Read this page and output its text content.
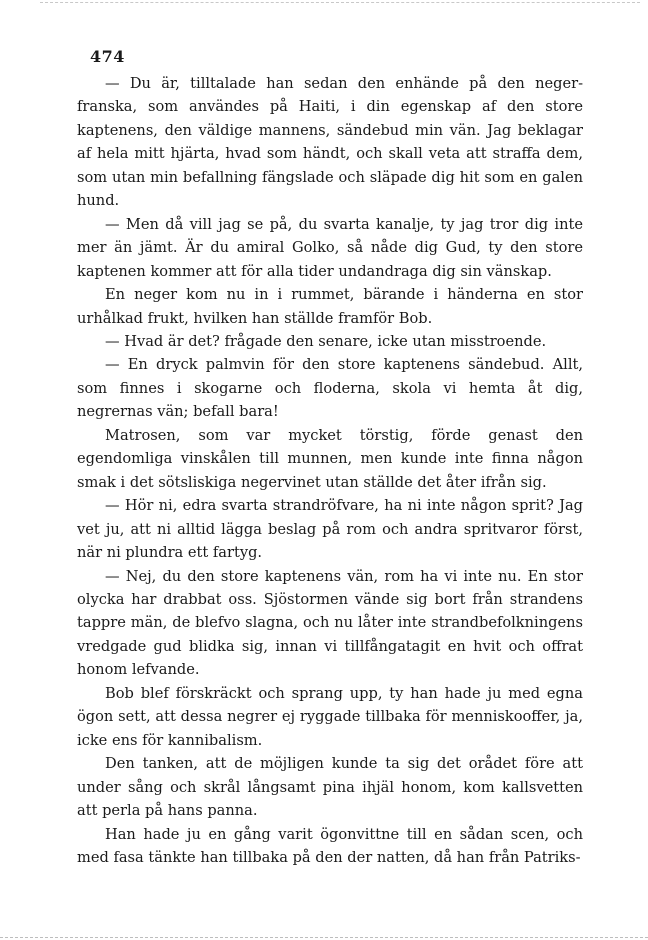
474

— Du är, tilltalade han sedan den enhände på den neger-franska, som användes på Haiti, i din egenskap af den store kaptenens, den väldige mannens, sändebud min vän. Jag beklagar af hela mitt hjärta, hvad som händt, och skall veta att straffa dem, som utan min befallning fängslade och släpade dig hit som en galen hund.

— Men då vill jag se på, du svarta kanalje, ty jag tror dig inte mer än jämt. Är du amiral Golko, så nåde dig Gud, ty den store kaptenen kommer att för alla tider undandraga dig sin vänskap.

En neger kom nu in i rummet, bärande i händerna en stor urhålkad frukt, hvilken han ställde framför Bob.

— Hvad är det? frågade den senare, icke utan misstroende.

— En dryck palmvin för den store kaptenens sändebud. Allt, som finnes i skogarne och floderna, skola vi hemta åt dig, negrernas vän; befall bara!

Matrosen, som var mycket törstig, förde genast den egendomliga vinskålen till munnen, men kunde inte finna någon smak i det sötsliskiga negervinet utan ställde det åter ifrån sig.

— Hör ni, edra svarta strandröfvare, ha ni inte någon sprit? Jag vet ju, att ni alltid lägga beslag på rom och andra spritvaror först, när ni plundra ett fartyg.

— Nej, du den store kaptenens vän, rom ha vi inte nu. En stor olycka har drabbat oss. Sjöstormen vände sig bort från strandens tappre män, de blefvo slagna, och nu låter inte strandbefolkningens vredgade gud blidka sig, innan vi tillfångatagit en hvit och offrat honom lefvande.

Bob blef förskräckt och sprang upp, ty han hade ju med egna ögon sett, att dessa negrer ej ryggade tillbaka för menniskooffer, ja, icke ens för kannibalism.

Den tanken, att de möjligen kunde ta sig det orådet före att under sång och skrål långsamt pina ihjäl honom, kom kallsvetten att perla på hans panna.

Han hade ju en gång varit ögonvittne till en sådan scen, och med fasa tänkte han tillbaka på den der natten, då han från Patriks-
